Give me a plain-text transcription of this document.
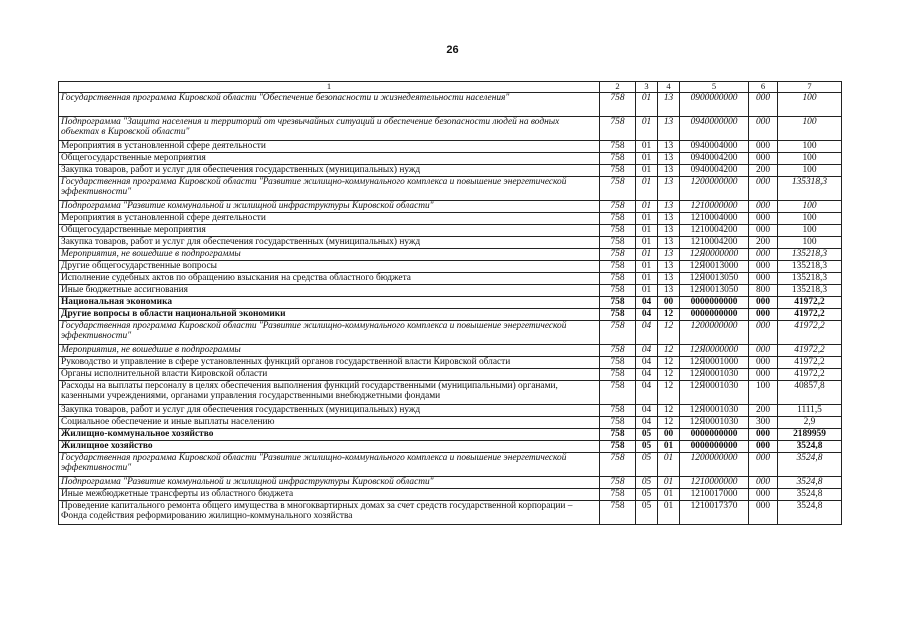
26
1	2	3	4	5	6	7
Государственная программа Кировской области "Обеспечение безопасности и жизнедеятельности населения"	758	01	13	0900000000	000	100
Подпрограмма "Защита населения и территорий от чрезвычайных ситуаций и обеспечение безопасности людей на водных объектах в Кировской области"	758	01	13	0940000000	000	100
Мероприятия в установленной сфере деятельности	758	01	13	0940004000	000	100
Общегосударственные мероприятия	758	01	13	0940004200	000	100
Закупка товаров, работ и услуг для обеспечения государственных (муниципальных) нужд	758	01	13	0940004200	200	100
Государственная программа Кировской области "Развитие жилищно-коммунального комплекса и повышение энергетической эффективности"	758	01	13	1200000000	000	135318,3
Подпрограмма "Развитие коммунальной и жилищной инфраструктуры Кировской области"	758	01	13	1210000000	000	100
Мероприятия в установленной сфере деятельности	758	01	13	1210004000	000	100
Общегосударственные мероприятия	758	01	13	1210004200	000	100
Закупка товаров, работ и услуг для обеспечения государственных (муниципальных) нужд	758	01	13	1210004200	200	100
Мероприятия, не вошедшие в подпрограммы	758	01	13	12Я0000000	000	135218,3
Другие общегосударственные вопросы	758	01	13	12Я0013000	000	135218,3
Исполнение судебных актов по обращению взыскания на средства областного бюджета	758	01	13	12Я0013050	000	135218,3
Иные бюджетные ассигнования	758	01	13	12Я0013050	800	135218,3
Национальная экономика	758	04	00	0000000000	000	41972,2
Другие вопросы в области национальной экономики	758	04	12	0000000000	000	41972,2
Государственная программа Кировской области "Развитие жилищно-коммунального комплекса и повышение энергетической эффективности"	758	04	12	1200000000	000	41972,2
Мероприятия, не вошедшие в подпрограммы	758	04	12	12Я0000000	000	41972,2
Руководство и управление в сфере установленных функций органов государственной власти Кировской области	758	04	12	12Я0001000	000	41972,2
Органы исполнительной власти Кировской области	758	04	12	12Я0001030	000	41972,2
Расходы на выплаты персоналу в целях обеспечения выполнения функций государственными (муниципальными) органами, казенными учреждениями, органами управления государственными внебюджетными фондами	758	04	12	12Я0001030	100	40857,8
Закупка товаров, работ и услуг для обеспечения государственных (муниципальных) нужд	758	04	12	12Я0001030	200	1111,5
Социальное обеспечение и иные выплаты населению	758	04	12	12Я0001030	300	2,9
Жилищно-коммунальное хозяйство	758	05	00	0000000000	000	2189959
Жилищное хозяйство	758	05	01	0000000000	000	3524,8
Государственная программа Кировской области "Развитие жилищно-коммунального комплекса и повышение энергетической эффективности"	758	05	01	1200000000	000	3524,8
Подпрограмма "Развитие коммунальной и жилищной инфраструктуры Кировской области"	758	05	01	1210000000	000	3524,8
Иные межбюджетные трансферты из областного бюджета	758	05	01	1210017000	000	3524,8
Проведение капитального ремонта общего имущества в многоквартирных домах за счет средств государственной корпорации – Фонда содействия реформированию жилищно-коммунального хозяйства	758	05	01	1210017370	000	3524,8
